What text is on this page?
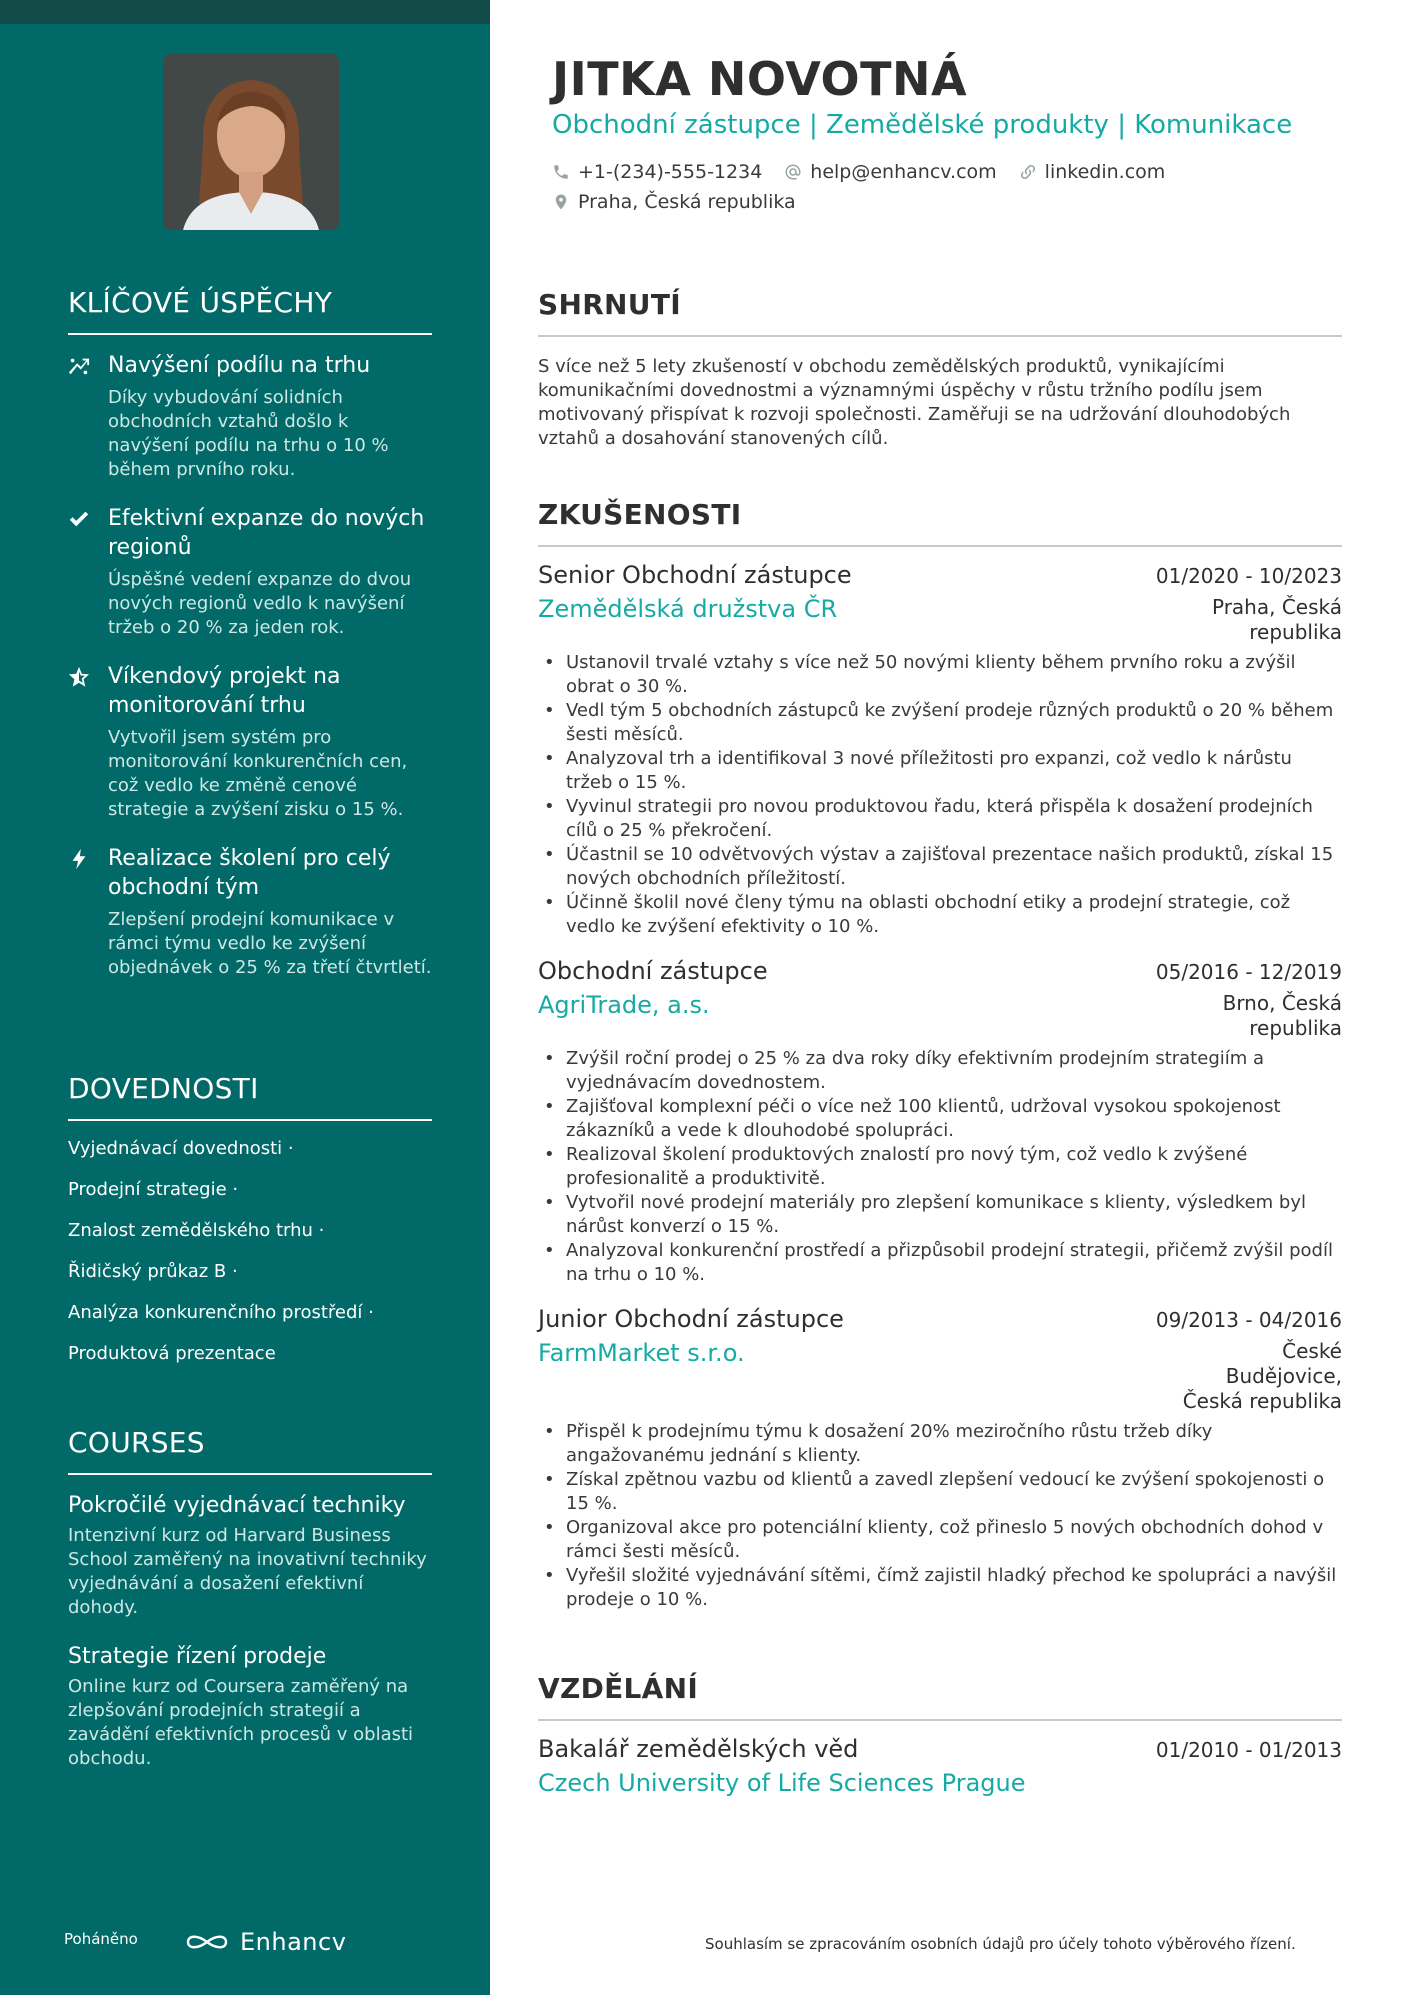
KLÍČOVÉ ÚSPĚCHY
Navýšení podílu na trhu
Díky vybudování solidních obchodních vztahů došlo k navýšení podílu na trhu o 10 % během prvního roku.
Efektivní expanze do nových regionů
Úspěšné vedení expanze do dvou nových regionů vedlo k navýšení tržeb o 20 % za jeden rok.
Víkendový projekt na monitorování trhu
Vytvořil jsem systém pro monitorování konkurenčních cen, což vedlo ke změně cenové strategie a zvýšení zisku o 15 %.
Realizace školení pro celý obchodní tým
Zlepšení prodejní komunikace v rámci týmu vedlo ke zvýšení objednávek o 25 % za třetí čtvrtletí.
DOVEDNOSTI
Vyjednávací dovednosti ·
Prodejní strategie ·
Znalost zemědělského trhu ·
Řidičský průkaz B ·
Analýza konkurenčního prostředí ·
Produktová prezentace
COURSES
Pokročilé vyjednávací techniky
Intenzivní kurz od Harvard Business School zaměřený na inovativní techniky vyjednávání a dosažení efektivní dohody.
Strategie řízení prodeje
Online kurz od Coursera zaměřený na zlepšování prodejních strategií a zavádění efektivních procesů v oblasti obchodu.
Poháněno	Enhancv
JITKA NOVOTNÁ
Obchodní zástupce | Zemědělské produkty | Komunikace
+1-(234)-555-1234	help@enhancv.com	linkedin.com
Praha, Česká republika
SHRNUTÍ

S více než 5 lety zkušeností v obchodu zemědělských produktů, vynikajícími komunikačními dovednostmi a významnými úspěchy v růstu tržního podílu jsem motivovaný přispívat k rozvoji společnosti. Zaměřuji se na udržování dlouhodobých vztahů a dosahování stanovených cílů.

ZKUŠENOSTI
Senior Obchodní zástupce	01/2020 - 10/2023
Zemědělská družstva ČR	Praha, Česká republika
• Ustanovil trvalé vztahy s více než 50 novými klienty během prvního roku a zvýšil obrat o 30 %.
• Vedl tým 5 obchodních zástupců ke zvýšení prodeje různých produktů o 20 % během šesti měsíců.
• Analyzoval trh a identifikoval 3 nové příležitosti pro expanzi, což vedlo k nárůstu tržeb o 15 %.
• Vyvinul strategii pro novou produktovou řadu, která přispěla k dosažení prodejních cílů o 25 % překročení.
• Účastnil se 10 odvětvových výstav a zajišťoval prezentace našich produktů, získal 15 nových obchodních příležitostí.
• Účinně školil nové členy týmu na oblasti obchodní etiky a prodejní strategie, což vedlo ke zvýšení efektivity o 10 %.
Obchodní zástupce	05/2016 - 12/2019
AgriTrade, a.s.	Brno, Česká republika
• Zvýšil roční prodej o 25 % za dva roky díky efektivním prodejním strategiím a vyjednávacím dovednostem.
• Zajišťoval komplexní péči o více než 100 klientů, udržoval vysokou spokojenost zákazníků a vede k dlouhodobé spolupráci.
• Realizoval školení produktových znalostí pro nový tým, což vedlo k zvýšené profesionalitě a produktivitě.
• Vytvořil nové prodejní materiály pro zlepšení komunikace s klienty, výsledkem byl nárůst konverzí o 15 %.
• Analyzoval konkurenční prostředí a přizpůsobil prodejní strategii, přičemž zvýšil podíl na trhu o 10 %.
Junior Obchodní zástupce	09/2013 - 04/2016
FarmMarket s.r.o.	České Budějovice, Česká republika
• Přispěl k prodejnímu týmu k dosažení 20% meziročního růstu tržeb díky angažovanému jednání s klienty.
• Získal zpětnou vazbu od klientů a zavedl zlepšení vedoucí ke zvýšení spokojenosti o 15 %.
• Organizoval akce pro potenciální klienty, což přineslo 5 nových obchodních dohod v rámci šesti měsíců.
• Vyřešil složité vyjednávání sítěmi, čímž zajistil hladký přechod ke spolupráci a navýšil prodeje o 10 %.
VZDĚLÁNÍ
Bakalář zemědělských věd	01/2010 - 01/2013
Czech University of Life Sciences Prague
Souhlasím se zpracováním osobních údajů pro účely tohoto výběrového řízení.
